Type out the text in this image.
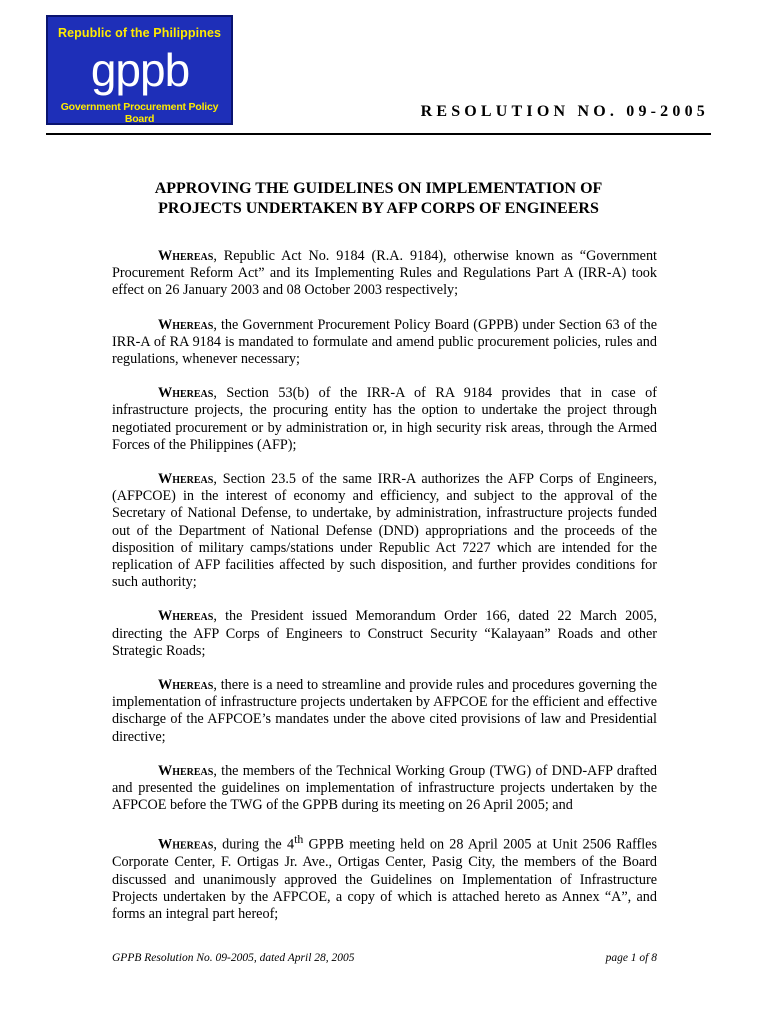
Republic of the Philippines
gppb
Government Procurement Policy Board	RESOLUTION NO. 09-2005
APPROVING THE GUIDELINES ON IMPLEMENTATION OF
PROJECTS UNDERTAKEN BY AFP CORPS OF ENGINEERS

Whereas, Republic Act No. 9184 (R.A. 9184), otherwise known as “Government Procurement Reform Act” and its Implementing Rules and Regulations Part A (IRR-A) took effect on 26 January 2003 and 08 October 2003 respectively;

Whereas, the Government Procurement Policy Board (GPPB) under Section 63 of the IRR-A of RA 9184 is mandated to formulate and amend public procurement policies, rules and regulations, whenever necessary;

Whereas, Section 53(b) of the IRR-A of RA 9184 provides that in case of infrastructure projects, the procuring entity has the option to undertake the project through negotiated procurement or by administration or, in high security risk areas, through the Armed Forces of the Philippines (AFP);

Whereas, Section 23.5 of the same IRR-A authorizes the AFP Corps of Engineers, (AFPCOE) in the interest of economy and efficiency, and subject to the approval of the Secretary of National Defense, to undertake, by administration, infrastructure projects funded out of the Department of National Defense (DND) appropriations and the proceeds of the disposition of military camps/stations under Republic Act 7227 which are intended for the replication of AFP facilities affected by such disposition, and further provides conditions for such authority;

Whereas, the President issued Memorandum Order 166, dated 22 March 2005, directing the AFP Corps of Engineers to Construct Security “Kalayaan” Roads and other Strategic Roads;

Whereas, there is a need to streamline and provide rules and procedures governing the implementation of infrastructure projects undertaken by AFPCOE for the efficient and effective discharge of the AFPCOE’s mandates under the above cited provisions of law and Presidential directive;

Whereas, the members of the Technical Working Group (TWG) of DND-AFP drafted and presented the guidelines on implementation of infrastructure projects undertaken by the AFPCOE before the TWG of the GPPB during its meeting on 26 April 2005; and

Whereas, during the 4th GPPB meeting held on 28 April 2005 at Unit 2506 Raffles Corporate Center, F. Ortigas Jr. Ave., Ortigas Center, Pasig City, the members of the Board discussed and unanimously approved the Guidelines on Implementation of Infrastructure Projects undertaken by the AFPCOE, a copy of which is attached hereto as Annex “A”, and forms an integral part hereof;

GPPB Resolution No. 09-2005, dated April 28, 2005	page 1 of 8
